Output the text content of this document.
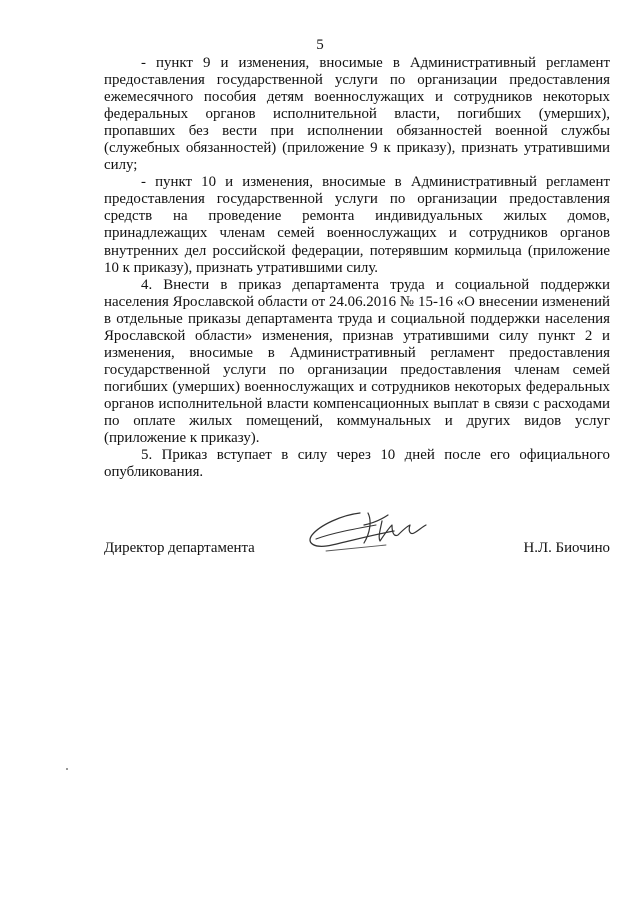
5

- пункт 9 и изменения, вносимые в Административный регламент предоставления государственной услуги по организации предоставления ежемесячного пособия детям военнослужащих и сотрудников некоторых федеральных органов исполнительной власти, погибших (умерших), пропавших без вести при исполнении обязанностей военной службы (служебных обязанностей) (приложение 9 к приказу), признать утратившими силу;

- пункт 10 и изменения, вносимые в Административный регламент предоставления государственной услуги по организации предоставления средств на проведение ремонта индивидуальных жилых домов, принадлежащих членам семей военнослужащих и сотрудников органов внутренних дел российской федерации, потерявшим кормильца (приложение 10 к приказу), признать утратившими силу.

4. Внести в приказ департамента труда и социальной поддержки населения Ярославской области от 24.06.2016 № 15-16 «О внесении изменений в отдельные приказы департамента труда и социальной поддержки населения Ярославской области» изменения, признав утратившими силу пункт 2 и изменения, вносимые в Административный регламент предоставления государственной услуги по организации предоставления членам семей погибших (умерших) военнослужащих и сотрудников некоторых федеральных органов исполнительной власти компенсационных выплат в связи с расходами по оплате жилых помещений, коммунальных и других видов услуг (приложение к приказу).

5. Приказ вступает в силу через 10 дней после его официального опубликования.

Директор департамента	Н.Л. Биочино
